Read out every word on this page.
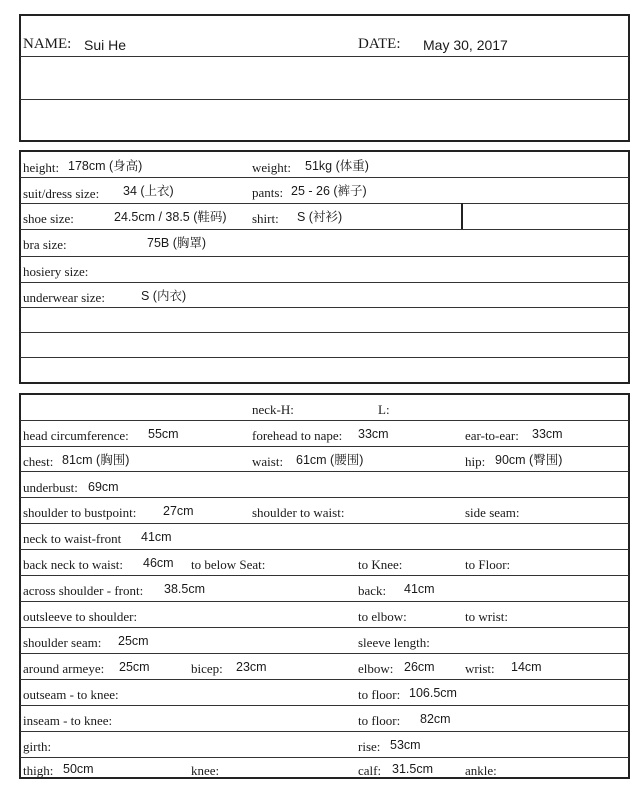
NAME: Sui He	DATE: May 30, 2017
height: 178cm (身高)	weight: 51kg (体重)
suit/dress size: 34 (上衣)	pants: 25 - 26 (裤子)
shoe size:	24.5cm / 38.5 (鞋码) shirt: S (衬衫)
bra size:	75B (胸罩)
hosiery size:
underwear size:	S (内衣)
neck-H:	L:
head circumference: 55cm	forehead to nape: 33cm	ear-to-ear: 33cm
chest: 81cm (胸围)	waist: 61cm (腰围)	hip: 90cm (臀围)
underbust: 69cm
shoulder to bustpoint: 27cm	shoulder to waist:	side seam:
neck to waist-front 41cm
back neck to waist: 46cm to below Seat:	to Knee:	to Floor:
across shoulder - front: 38.5cm	back: 41cm
outsleeve to shoulder:	to elbow:	to wrist:
shoulder seam: 25cm	sleeve length:
around armeye: 25cm	bicep: 23cm	elbow: 26cm wrist: 14cm
outseam - to knee:	to floor: 106.5cm
inseam - to knee:	to floor: 82cm
girth:	rise: 53cm
thigh: 50cm	knee:	calf: 31.5cm ankle:
